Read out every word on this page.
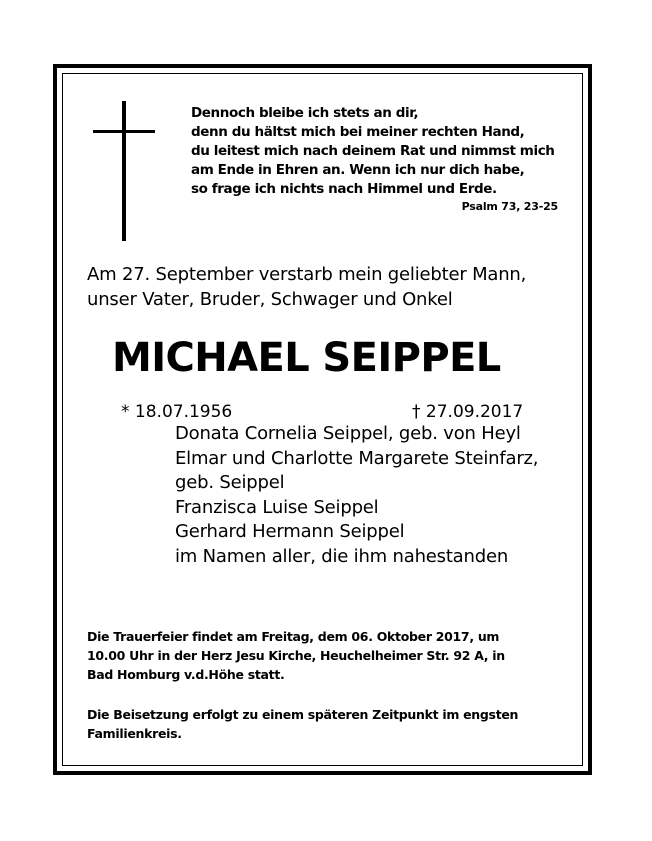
Dennoch bleibe ich stets an dir,
denn du hältst mich bei meiner rechten Hand,
du leitest mich nach deinem Rat und nimmst mich
am Ende in Ehren an. Wenn ich nur dich habe,
so frage ich nichts nach Himmel und Erde.
Psalm 73, 23-25
Am 27. September verstarb mein geliebter Mann,
unser Vater, Bruder, Schwager und Onkel
MICHAEL SEIPPEL
* 18.07.1956	† 27.09.2017
Donata Cornelia Seippel, geb. von Heyl
Elmar und Charlotte Margarete Steinfarz,
geb. Seippel
Franzisca Luise Seippel
Gerhard Hermann Seippel
im Namen aller, die ihm nahestanden
Die Trauerfeier findet am Freitag, dem 06. Oktober 2017, um
10.00 Uhr in der Herz Jesu Kirche, Heuchelheimer Str. 92 A, in
Bad Homburg v.d.Höhe statt.
Die Beisetzung erfolgt zu einem späteren Zeitpunkt im engsten
Familienkreis.
